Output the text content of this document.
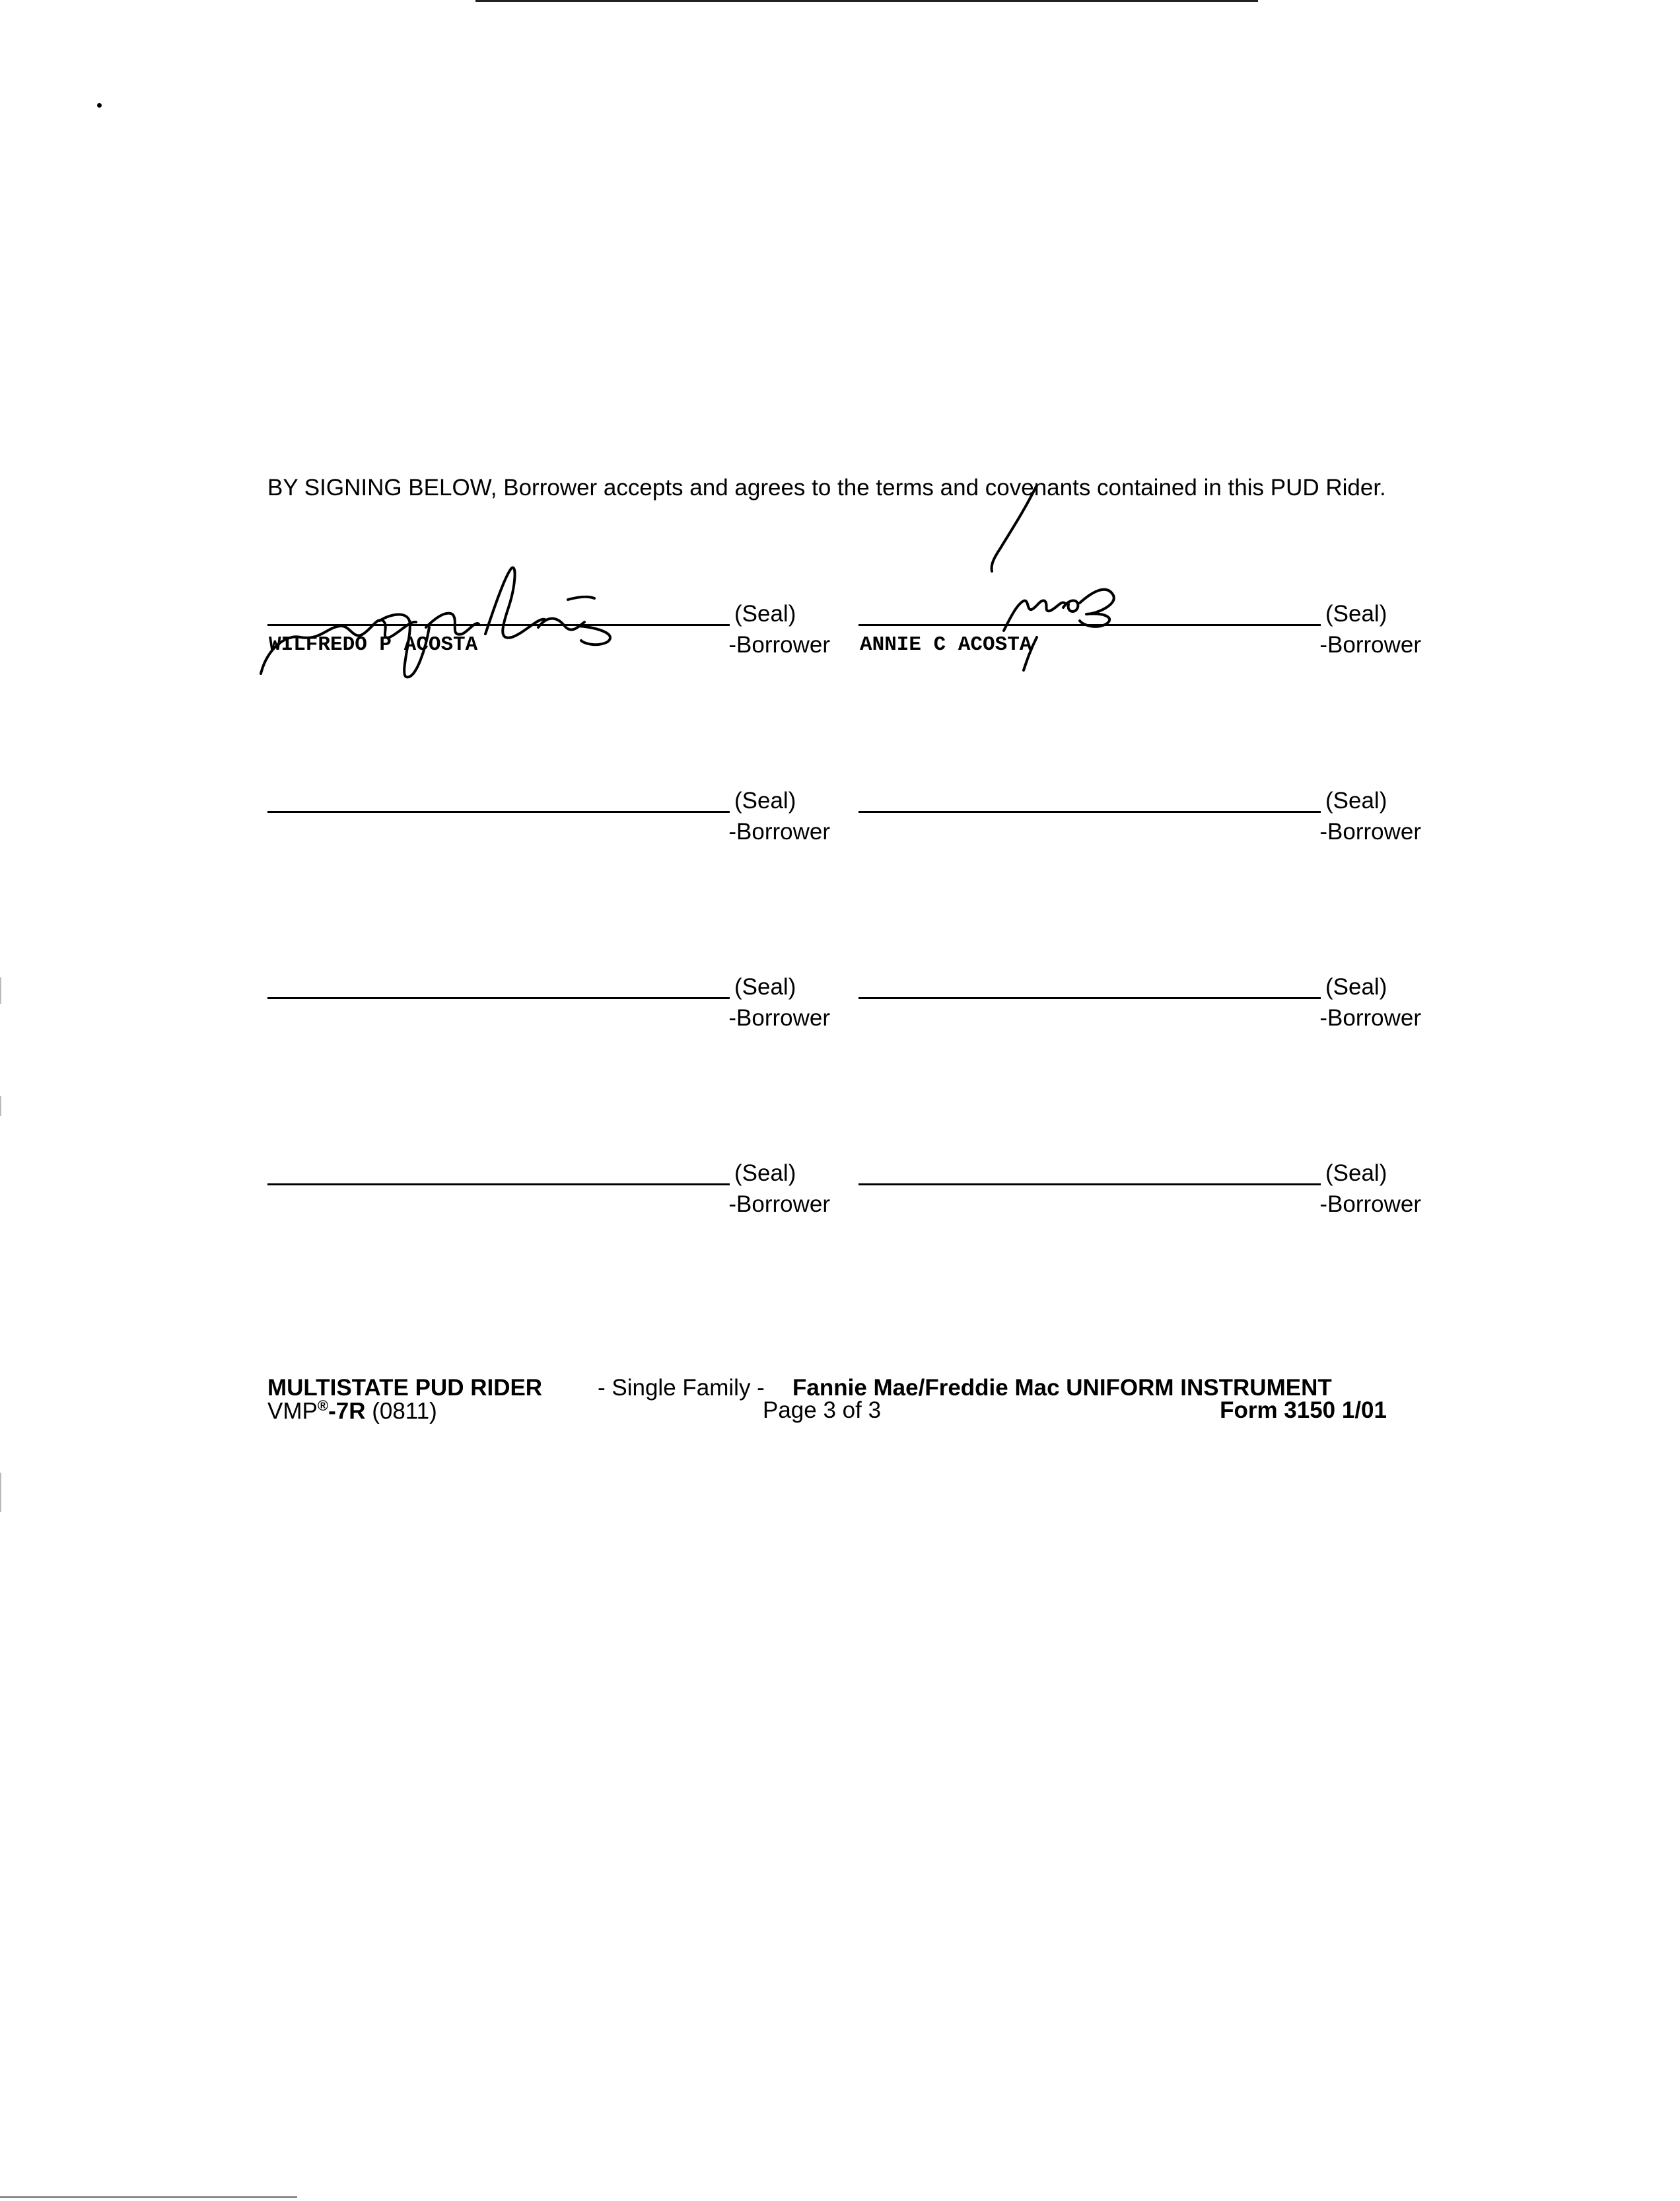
BY SIGNING BELOW, Borrower accepts and agrees to the terms and covenants contained in this PUD Rider.

(Seal)
-Borrower
WILFREDO P ACOSTA
(Seal)
-Borrower
ANNIE C ACOSTA
(Seal)
-Borrower
(Seal)
-Borrower
(Seal)
-Borrower
(Seal)
-Borrower
(Seal)
-Borrower
(Seal)
-Borrower
MULTISTATE PUD RIDER - Single Family - Fannie Mae/Freddie Mac UNIFORM INSTRUMENT
VMP®-7R (0811)	Page 3 of 3	Form 3150 1/01
